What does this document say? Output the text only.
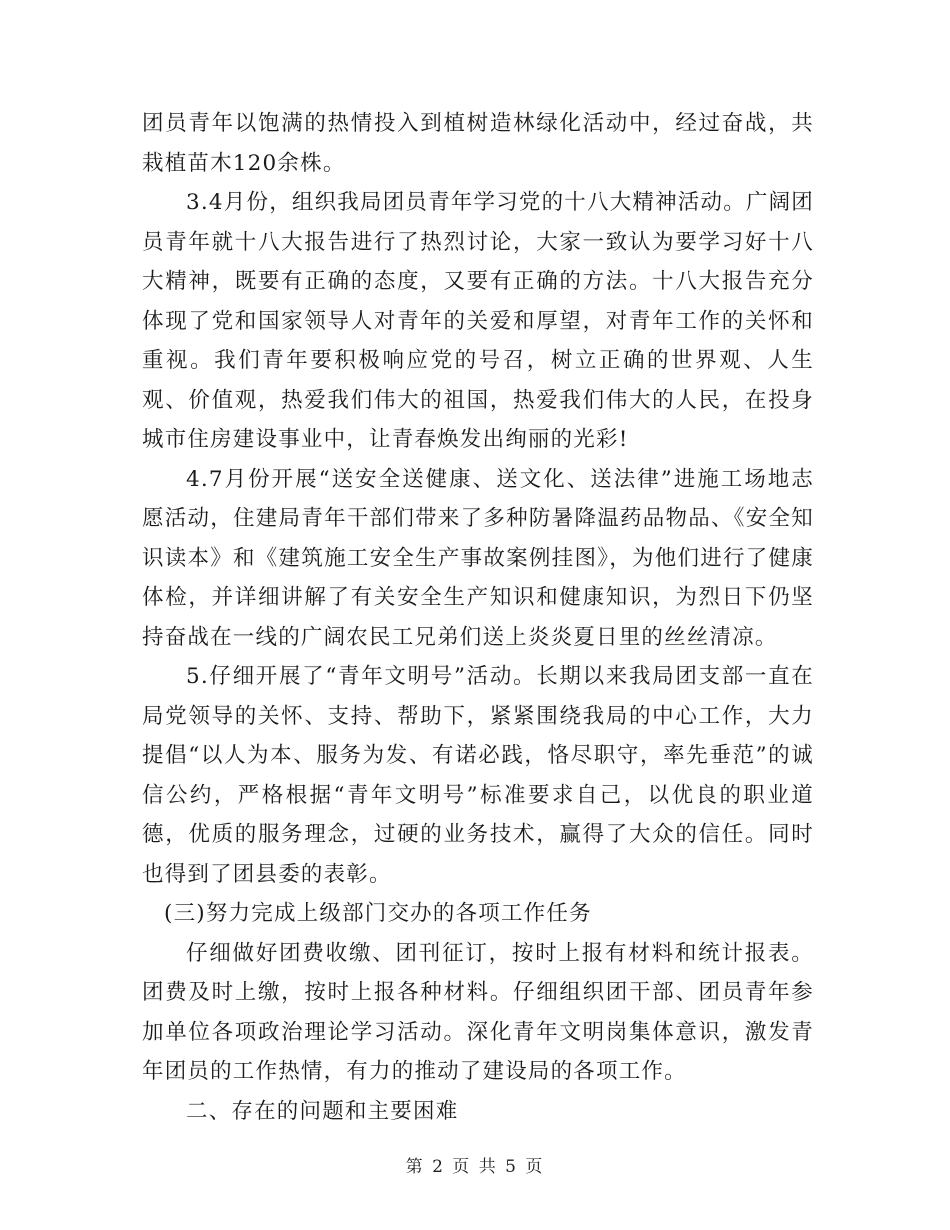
团员青年以饱满的热情投入到植树造林绿化活动中，经过奋战，共栽植苗木120余株。

3.4月份，组织我局团员青年学习党的十八大精神活动。广阔团员青年就十八大报告进行了热烈讨论，大家一致认为要学习好十八大精神，既要有正确的态度，又要有正确的方法。十八大报告充分体现了党和国家领导人对青年的关爱和厚望，对青年工作的关怀和重视。我们青年要积极响应党的号召，树立正确的世界观、人生观、价值观，热爱我们伟大的祖国，热爱我们伟大的人民，在投身城市住房建设事业中，让青春焕发出绚丽的光彩!

4.7月份开展“送安全送健康、送文化、送法律”进施工场地志愿活动，住建局青年干部们带来了多种防暑降温药品物品、《安全知识读本》和《建筑施工安全生产事故案例挂图》，为他们进行了健康体检，并详细讲解了有关安全生产知识和健康知识，为烈日下仍坚持奋战在一线的广阔农民工兄弟们送上炎炎夏日里的丝丝清凉。

5.仔细开展了“青年文明号”活动。长期以来我局团支部一直在局党领导的关怀、支持、帮助下，紧紧围绕我局的中心工作，大力提倡“以人为本、服务为发、有诺必践，恪尽职守，率先垂范”的诚信公约，严格根据“青年文明号”标准要求自己，以优良的职业道德，优质的服务理念，过硬的业务技术，赢得了大众的信任。同时也得到了团县委的表彰。

(三)努力完成上级部门交办的各项工作任务

仔细做好团费收缴、团刊征订，按时上报有材料和统计报表。团费及时上缴，按时上报各种材料。仔细组织团干部、团员青年参加单位各项政治理论学习活动。深化青年文明岗集体意识，激发青年团员的工作热情，有力的推动了建设局的各项工作。

二、存在的问题和主要困难

第 2 页 共 5 页
